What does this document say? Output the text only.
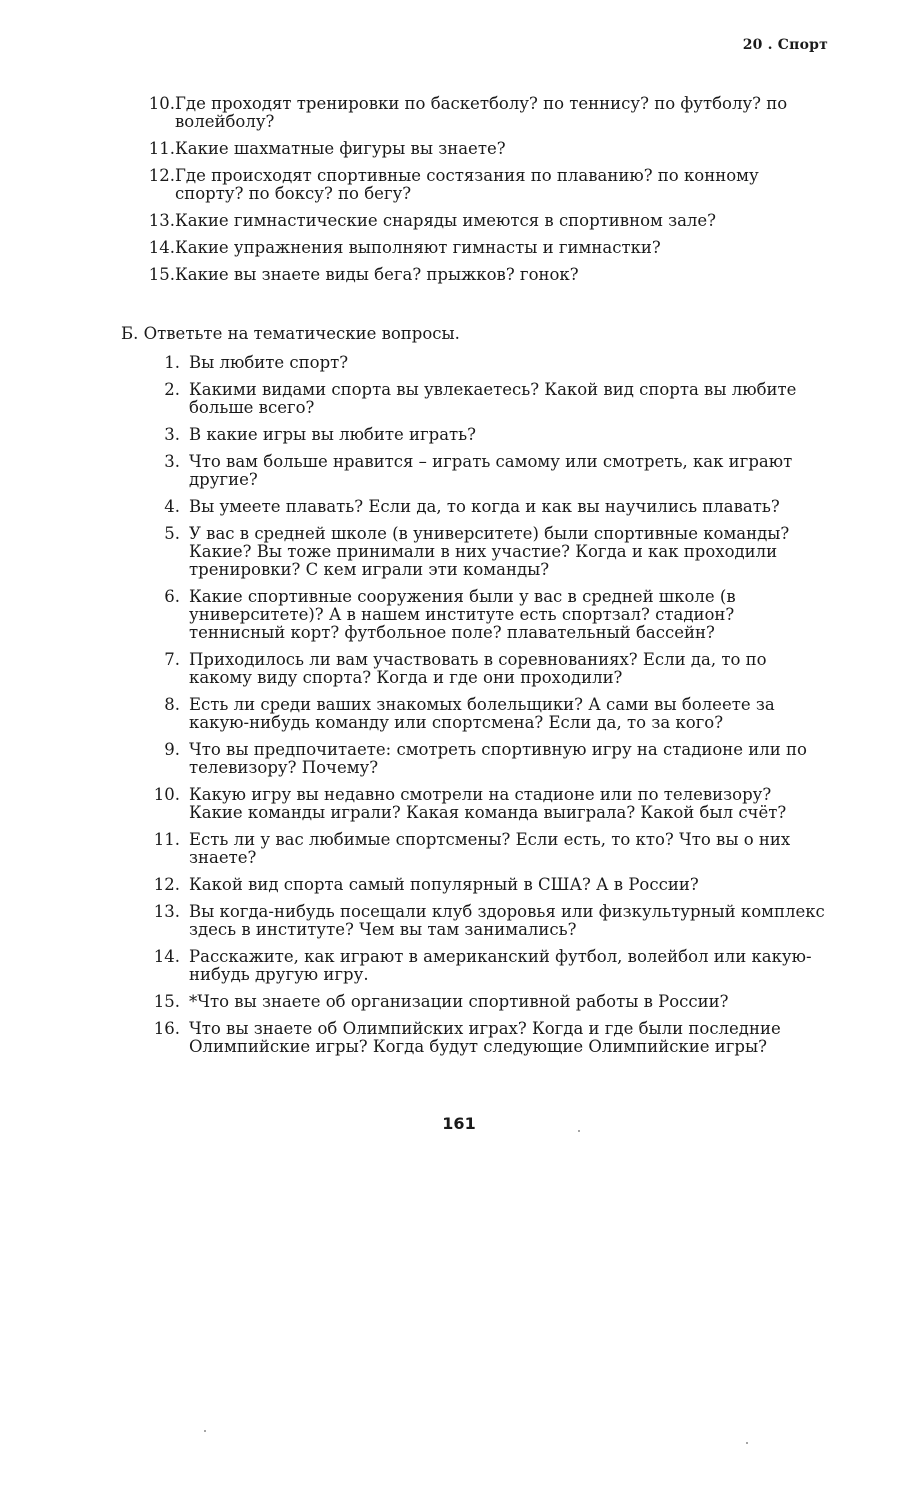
20 . Спорт
10. Где проходят тренировки по баскетболу? по теннису? по футболу? по волейболу?
11. Какие шахматные фигуры вы знаете?
12. Где происходят спортивные состязания по плаванию? по конному спорту? по боксу? по бегу?
13. Какие гимнастические снаряды имеются в спортивном зале?
14. Какие упражнения выполняют гимнасты и гимнастки?
15. Какие вы знаете виды бега? прыжков? гонок?
Б. Ответьте на тематические вопросы.
1. Вы любите спорт?
2. Какими видами спорта вы увлекаетесь? Какой вид спорта вы любите больше всего?
3. В какие игры вы любите играть?
3. Что вам больше нравится – играть самому или смотреть, как играют другие?
4. Вы умеете плавать? Если да, то когда и как вы научились плавать?
5. У вас в средней школе (в университете) были спортивные команды? Какие? Вы тоже принимали в них участие? Когда и как проходили тренировки? С кем играли эти команды?
6. Какие спортивные сооружения были у вас в средней школе (в университете)? А в нашем институте есть спортзал? стадион? теннисный корт? футбольное поле? плавательный бассейн?
7. Приходилось ли вам участвовать в соревнованиях? Если да, то по какому виду спорта? Когда и где они проходили?
8. Есть ли среди ваших знакомых болельщики? А сами вы болеете за какую-нибудь команду или спортсмена? Если да, то за кого?
9. Что вы предпочитаете: смотреть спортивную игру на стадионе или по телевизору? Почему?
10. Какую игру вы недавно смотрели на стадионе или по телевизору? Какие команды играли? Какая команда выиграла? Какой был счёт?
11. Есть ли у вас любимые спортсмены? Если есть, то кто? Что вы о них знаете?
12. Какой вид спорта самый популярный в США? А в России?
13. Вы когда-нибудь посещали клуб здоровья или физкультурный комплекс здесь в институте? Чем вы там занимались?
14. Расскажите, как играют в американский футбол, волейбол или какую-нибудь другую игру.
15. *Что вы знаете об организации спортивной работы в России?
16. Что вы знаете об Олимпийских играх? Когда и где были последние Олимпийские игры? Когда будут следующие Олимпийские игры?
161
